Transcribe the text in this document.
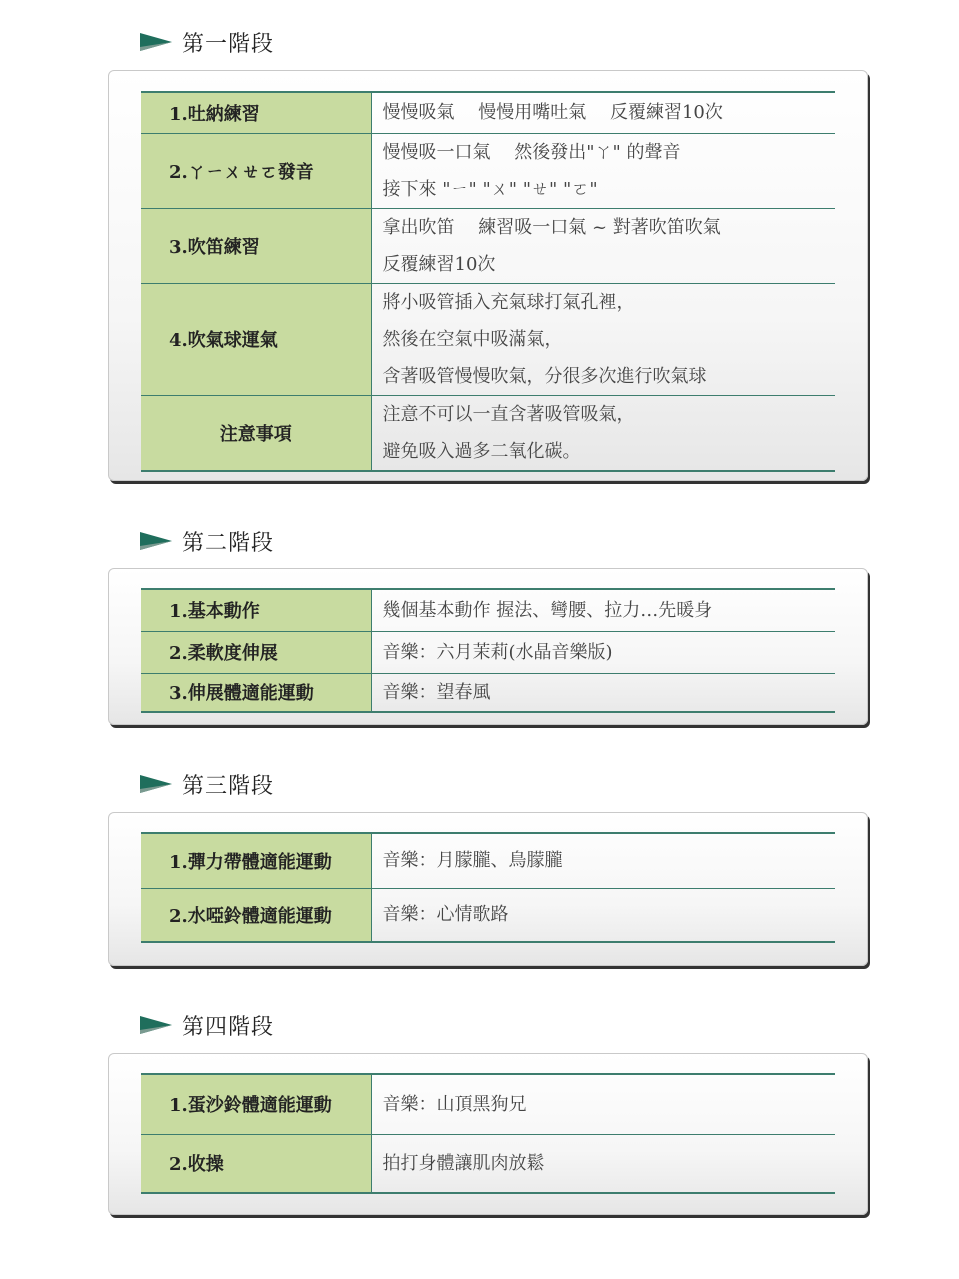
第一階段
1.吐納練習	慢慢吸氣　 慢慢用嘴吐氣　 反覆練習10次

2.ㄚㄧㄨㄝㄛ發音	慢慢吸一口氣　 然後發出"ㄚ" 的聲音
接下來 "ㄧ" "ㄨ" "ㄝ" "ㄛ"

3.吹笛練習	拿出吹笛　 練習吸一口氣 ~ 對著吹笛吹氣
反覆練習10次

4.吹氣球運氣	將小吸管插入充氣球打氣孔裡，
然後在空氣中吸滿氣，
含著吸管慢慢吹氣，分很多次進行吹氣球

注意事項	注意不可以一直含著吸管吸氣，
避免吸入過多二氧化碳。
第二階段
1.基本動作	幾個基本動作 握法、彎腰、拉力…先暖身

2.柔軟度伸展	音樂：六月茉莉(水晶音樂版)

3.伸展體適能運動	音樂：望春風
第三階段
1.彈力帶體適能運動	音樂：月朦朧、鳥朦朧

2.水啞鈴體適能運動	音樂：心情歌路
第四階段
1.蛋沙鈴體適能運動	音樂：山頂黑狗兄

2.收操	拍打身體讓肌肉放鬆
